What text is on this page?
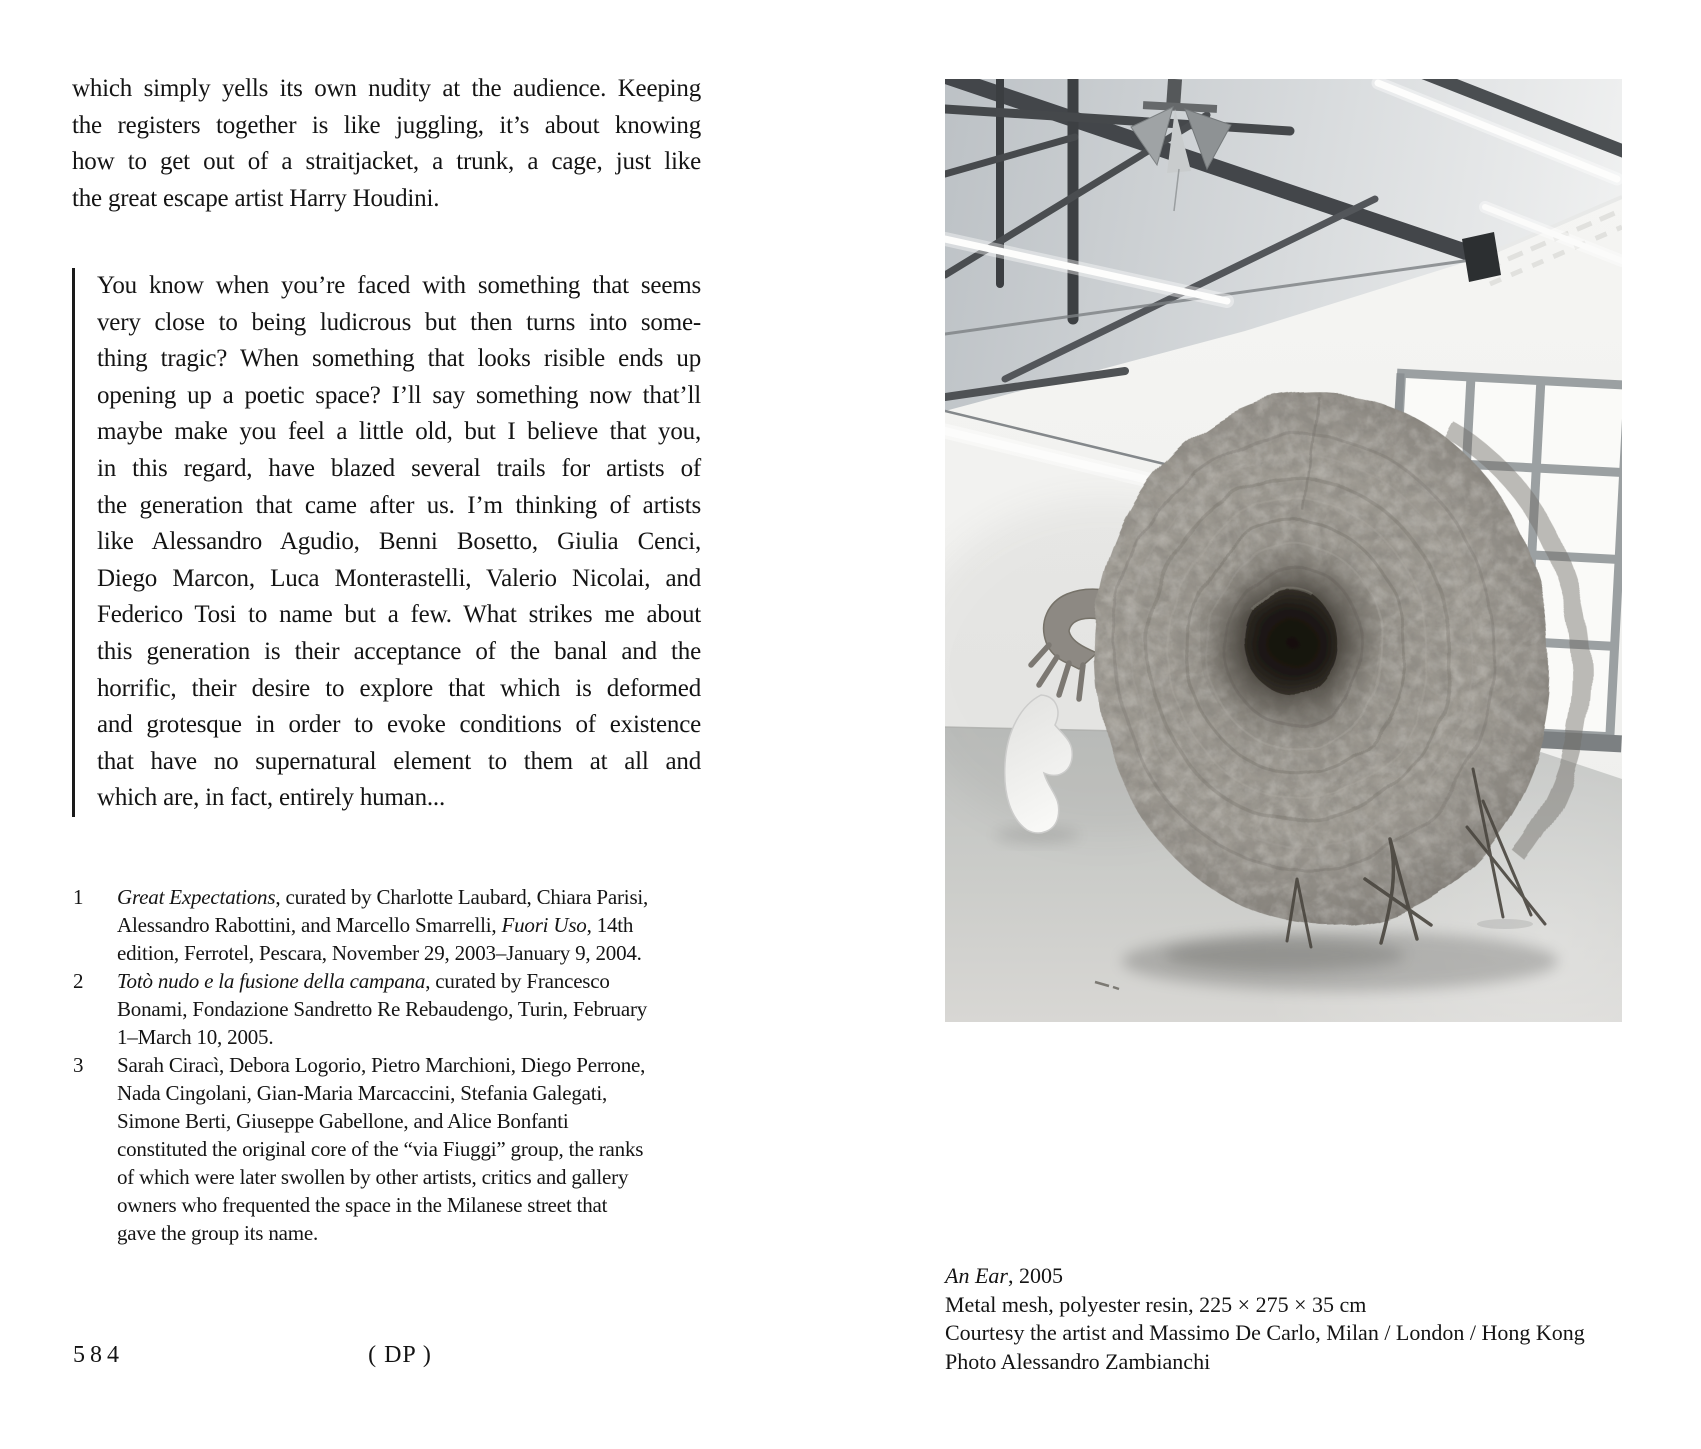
which simply yells its own nudity at the audience. Keeping
the registers together is like juggling, it’s about knowing
how to get out of a straitjacket, a trunk, a cage, just like
the great escape artist Harry Houdini.
You know when you’re faced with something that seems
very close to being ludicrous but then turns into some-
thing tragic? When something that looks risible ends up
opening up a poetic space? I’ll say something now that’ll
maybe make you feel a little old, but I believe that you,
in this regard, have blazed several trails for artists of
the generation that came after us. I’m thinking of artists
like Alessandro Agudio, Benni Bosetto, Giulia Cenci,
Diego Marcon, Luca Monterastelli, Valerio Nicolai, and
Federico Tosi to name but a few. What strikes me about
this generation is their acceptance of the banal and the
horrific, their desire to explore that which is deformed
and grotesque in order to evoke conditions of existence
that have no supernatural element to them at all and
which are, in fact, entirely human...
1 Great Expectations, curated by Charlotte Laubard, Chiara Parisi,
Alessandro Rabottini, and Marcello Smarrelli, Fuori Uso, 14th
edition, Ferrotel, Pescara, November 29, 2003–January 9, 2004.
2 Totò nudo e la fusione della campana, curated by Francesco
Bonami, Fondazione Sandretto Re Rebaudengo, Turin, February
1–March 10, 2005.
3 Sarah Ciracì, Debora Logorio, Pietro Marchioni, Diego Perrone,
Nada Cingolani, Gian-Maria Marcaccini, Stefania Galegati,
Simone Berti, Giuseppe Gabellone, and Alice Bonfanti
constituted the original core of the “via Fiuggi” group, the ranks
of which were later swollen by other artists, critics and gallery
owners who frequented the space in the Milanese street that
gave the group its name.
584	( DP )
An Ear, 2005
Metal mesh, polyester resin, 225 × 275 × 35 cm
Courtesy the artist and Massimo De Carlo, Milan / London / Hong Kong
Photo Alessandro Zambianchi
